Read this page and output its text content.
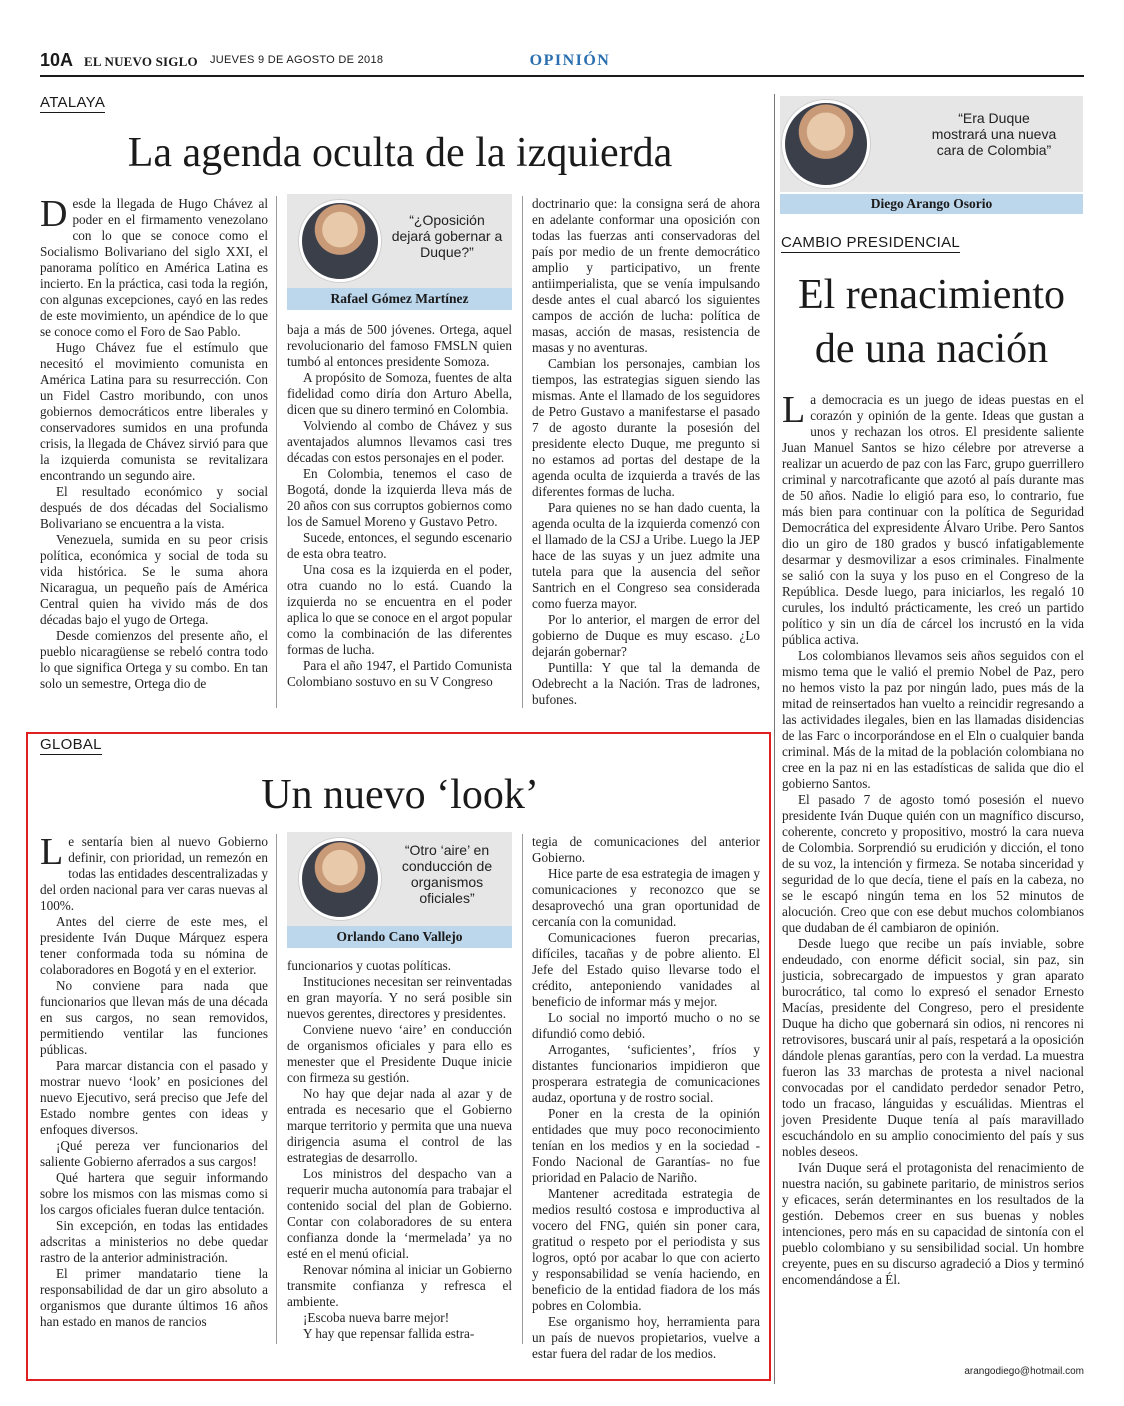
10A EL NUEVO SIGLO JUEVES 9 DE AGOSTO DE 2018	OPINIÓN
ATALAYA
La agenda oculta de la izquierda

Desde la llegada de Hugo Chávez al poder en el firmamento venezolano con lo que se conoce como el Socialismo Bolivariano del siglo XXI, el panorama político en América Latina es incierto. En la práctica, casi toda la región, con algunas excepciones, cayó en las redes de este movimiento, un apéndice de lo que se conoce como el Foro de Sao Pablo.

Hugo Chávez fue el estímulo que necesitó el movimiento comunista en América Latina para su resurrección. Con un Fidel Castro moribundo, con unos gobiernos democráticos entre liberales y conservadores sumidos en una profunda crisis, la llegada de Chávez sirvió para que la izquierda comunista se revitalizara encontrando un segundo aire.

El resultado económico y social después de dos décadas del Socialismo Bolivariano se encuentra a la vista.

Venezuela, sumida en su peor crisis política, económica y social de toda su vida histórica. Se le suma ahora Nicaragua, un pequeño país de América Central quien ha vivido más de dos décadas bajo el yugo de Ortega.

Desde comienzos del presente año, el pueblo nicaragüense se rebeló contra todo lo que significa Ortega y su combo. En tan solo un semestre, Ortega dio de

“¿Oposición dejará gobernar a Duque?”
Rafael Gómez Martínez

baja a más de 500 jóvenes. Ortega, aquel revolucionario del famoso FMSLN quien tumbó al entonces presidente Somoza.

A propósito de Somoza, fuentes de alta fidelidad como diría don Arturo Abella, dicen que su dinero terminó en Colombia.

Volviendo al combo de Chávez y sus aventajados alumnos llevamos casi tres décadas con estos personajes en el poder.

En Colombia, tenemos el caso de Bogotá, donde la izquierda lleva más de 20 años con sus corruptos gobiernos como los de Samuel Moreno y Gustavo Petro.

Sucede, entonces, el segundo escenario de esta obra teatro.

Una cosa es la izquierda en el poder, otra cuando no lo está. Cuando la izquierda no se encuentra en el poder aplica lo que se conoce en el argot popular como la combinación de las diferentes formas de lucha.

Para el año 1947, el Partido Comunista Colombiano sostuvo en su V Congreso

doctrinario que: la consigna será de ahora en adelante conformar una oposición con todas las fuerzas anti conservadoras del país por medio de un frente democrático amplio y participativo, un frente antiimperialista, que se venía impulsando desde antes el cual abarcó los siguientes campos de acción de lucha: política de masas, acción de masas, resistencia de masas y no aventuras.

Cambian los personajes, cambian los tiempos, las estrategias siguen siendo las mismas. Ante el llamado de los seguidores de Petro Gustavo a manifestarse el pasado 7 de agosto durante la posesión del presidente electo Duque, me pregunto si no estamos ad portas del destape de la agenda oculta de izquierda a través de las diferentes formas de lucha.

Para quienes no se han dado cuenta, la agenda oculta de la izquierda comenzó con el llamado de la CSJ a Uribe. Luego la JEP hace de las suyas y un juez admite una tutela para que la ausencia del señor Santrich en el Congreso sea considerada como fuerza mayor.

Por lo anterior, el margen de error del gobierno de Duque es muy escaso. ¿Lo dejarán gobernar?

Puntilla: Y que tal la demanda de Odebrecht a la Nación. Tras de ladrones, bufones.

GLOBAL
Un nuevo ‘look’

Le sentaría bien al nuevo Gobierno definir, con prioridad, un remezón en todas las entidades descentralizadas y del orden nacional para ver caras nuevas al 100%.

Antes del cierre de este mes, el presidente Iván Duque Márquez espera tener conformada toda su nómina de colaboradores en Bogotá y en el exterior.

No conviene para nada que funcionarios que llevan más de una década en sus cargos, no sean removidos, permitiendo ventilar las funciones públicas.

Para marcar distancia con el pasado y mostrar nuevo ‘look’ en posiciones del nuevo Ejecutivo, será preciso que Jefe del Estado nombre gentes con ideas y enfoques diversos.

¡Qué pereza ver funcionarios del saliente Gobierno aferrados a sus cargos!

Qué hartera que seguir informando sobre los mismos con las mismas como si los cargos oficiales fueran dulce tentación.

Sin excepción, en todas las entidades adscritas a ministerios no debe quedar rastro de la anterior administración.

El primer mandatario tiene la responsabilidad de dar un giro absoluto a organismos que durante últimos 16 años han estado en manos de rancios

“Otro ‘aire’ en conducción de organismos oficiales”
Orlando Cano Vallejo

funcionarios y cuotas políticas.

Instituciones necesitan ser reinventadas en gran mayoría. Y no será posible sin nuevos gerentes, directores y presidentes.

Conviene nuevo ‘aire’ en conducción de organismos oficiales y para ello es menester que el Presidente Duque inicie con firmeza su gestión.

No hay que dejar nada al azar y de entrada es necesario que el Gobierno marque territorio y permita que una nueva dirigencia asuma el control de las estrategias de desarrollo.

Los ministros del despacho van a requerir mucha autonomía para trabajar el contenido social del plan de Gobierno. Contar con colaboradores de su entera confianza donde la ‘mermelada’ ya no esté en el menú oficial.

Renovar nómina al iniciar un Gobierno transmite confianza y refresca el ambiente.

¡Escoba nueva barre mejor!

Y hay que repensar fallida estra-

tegia de comunicaciones del anterior Gobierno.

Hice parte de esa estrategia de imagen y comunicaciones y reconozco que se desaprovechó una gran oportunidad de cercanía con la comunidad.

Comunicaciones fueron precarias, difíciles, tacañas y de pobre aliento. El Jefe del Estado quiso llevarse todo el crédito, anteponiendo vanidades al beneficio de informar más y mejor.

Lo social no importó mucho o no se difundió como debió.

Arrogantes, ‘suficientes’, fríos y distantes funcionarios impidieron que prosperara estrategia de comunicaciones audaz, oportuna y de rostro social.

Poner en la cresta de la opinión entidades que muy poco reconocimiento tenían en los medios y en la sociedad -Fondo Nacional de Garantías- no fue prioridad en Palacio de Nariño.

Mantener acreditada estrategia de medios resultó costosa e improductiva al vocero del FNG, quién sin poner cara, gratitud o respeto por el periodista y sus logros, optó por acabar lo que con acierto y responsabilidad se venía haciendo, en beneficio de la entidad fiadora de los más pobres en Colombia.

Ese organismo hoy, herramienta para un país de nuevos propietarios, vuelve a estar fuera del radar de los medios.

“Era Duque mostrará una nueva cara de Colombia”
Diego Arango Osorio
CAMBIO PRESIDENCIAL
El renacimiento
de una nación

La democracia es un juego de ideas puestas en el corazón y opinión de la gente. Ideas que gustan a unos y rechazan los otros. El presidente saliente Juan Manuel Santos se hizo célebre por atreverse a realizar un acuerdo de paz con las Farc, grupo guerrillero criminal y narcotraficante que azotó al país durante mas de 50 años. Nadie lo eligió para eso, lo contrario, fue más bien para continuar con la política de Seguridad Democrática del expresidente Álvaro Uribe. Pero Santos dio un giro de 180 grados y buscó infatigablemente desarmar y desmovilizar a esos criminales. Finalmente se salió con la suya y los puso en el Congreso de la República. Desde luego, para iniciarlos, les regaló 10 curules, los indultó prácticamente, les creó un partido político y sin un día de cárcel los incrustó en la vida pública activa.

Los colombianos llevamos seis años seguidos con el mismo tema que le valió el premio Nobel de Paz, pero no hemos visto la paz por ningún lado, pues más de la mitad de reinsertados han vuelto a reincidir regresando a las actividades ilegales, bien en las llamadas disidencias de las Farc o incorporándose en el Eln o cualquier banda criminal. Más de la mitad de la población colombiana no cree en la paz ni en las estadísticas de salida que dio el gobierno Santos.

El pasado 7 de agosto tomó posesión el nuevo presidente Iván Duque quién con un magnífico discurso, coherente, concreto y propositivo, mostró la cara nueva de Colombia. Sorprendió su erudición y dicción, el tono de su voz, la intención y firmeza. Se notaba sinceridad y seguridad de lo que decía, tiene el país en la cabeza, no se le escapó ningún tema en los 52 minutos de alocución. Creo que con ese debut muchos colombianos que dudaban de él cambiaron de opinión.

Desde luego que recibe un país inviable, sobre endeudado, con enorme déficit social, sin paz, sin justicia, sobrecargado de impuestos y gran aparato burocrático, tal como lo expresó el senador Ernesto Macías, presidente del Congreso, pero el presidente Duque ha dicho que gobernará sin odios, ni rencores ni retrovisores, buscará unir al país, respetará a la oposición dándole plenas garantías, pero con la verdad. La muestra fueron las 33 marchas de protesta a nivel nacional convocadas por el candidato perdedor senador Petro, todo un fracaso, lánguidas y escuálidas. Mientras el joven Presidente Duque tenía al país maravillado escuchándolo en su amplio conocimiento del país y sus nobles deseos.

Iván Duque será el protagonista del renacimiento de nuestra nación, su gabinete paritario, de ministros serios y eficaces, serán determinantes en los resultados de la gestión. Debemos creer en sus buenas y nobles intenciones, pero más en su capacidad de sintonía con el pueblo colombiano y su sensibilidad social. Un hombre creyente, pues en su discurso agradeció a Dios y terminó encomendándose a Él.

arangodiego@hotmail.com
